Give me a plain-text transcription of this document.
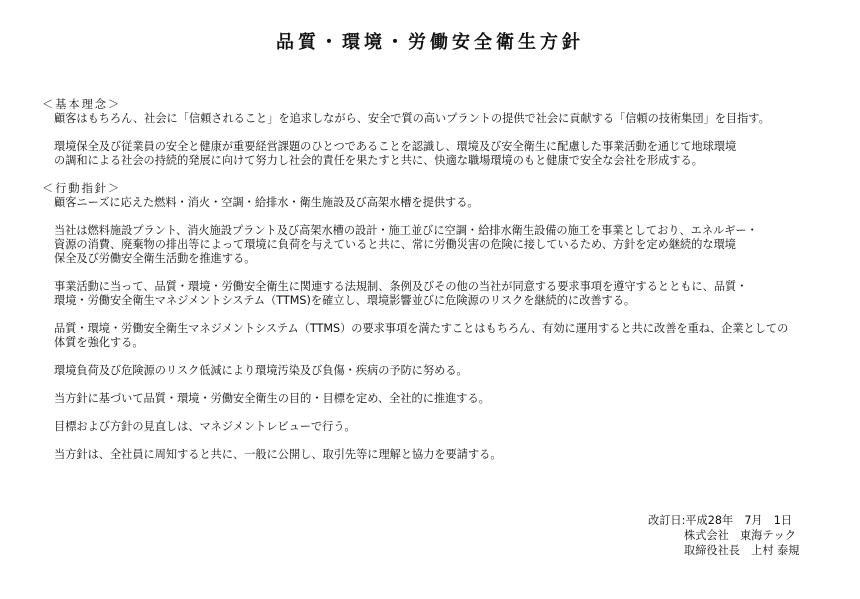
品質・環境・労働安全衛生方針

＜基本理念＞

顧客はもちろん、社会に「信頼されること」を追求しながら、安全で質の高いプラントの提供で社会に貢献する「信頼の技術集団」を目指す。

環境保全及び従業員の安全と健康が重要経営課題のひとつであることを認識し、環境及び安全衛生に配慮した事業活動を通じて地球環境
の調和による社会の持続的発展に向けて努力し社会的責任を果たすと共に、快適な職場環境のもと健康で安全な会社を形成する。

＜行動指針＞

顧客ニーズに応えた燃料・消火・空調・給排水・衛生施設及び高架水槽を提供する。

当社は燃料施設プラント、消火施設プラント及び高架水槽の設計・施工並びに空調・給排水衛生設備の施工を事業としており、エネルギー・
資源の消費、廃棄物の排出等によって環境に負荷を与えていると共に、常に労働災害の危険に接しているため、方針を定め継続的な環境
保全及び労働安全衛生活動を推進する。

事業活動に当って、品質・環境・労働安全衛生に関連する法規制、条例及びその他の当社が同意する要求事項を遵守するとともに、品質・
環境・労働安全衛生マネジメントシステム（TTMS)を確立し、環境影響並びに危険源のリスクを継続的に改善する。

品質・環境・労働安全衛生マネジメントシステム（TTMS）の要求事項を満たすことはもちろん、有効に運用すると共に改善を重ね、企業としての
体質を強化する。

環境負荷及び危険源のリスク低減により環境汚染及び負傷・疾病の予防に努める。

当方針に基づいて品質・環境・労働安全衛生の目的・目標を定め、全社的に推進する。

目標および方針の見直しは、マネジメントレビューで行う。

当方針は、全社員に周知すると共に、一般に公開し、取引先等に理解と協力を要請する。

改訂日:平成28年　7月　1日
株式会社　東海テック
取締役社長　上村 泰規
